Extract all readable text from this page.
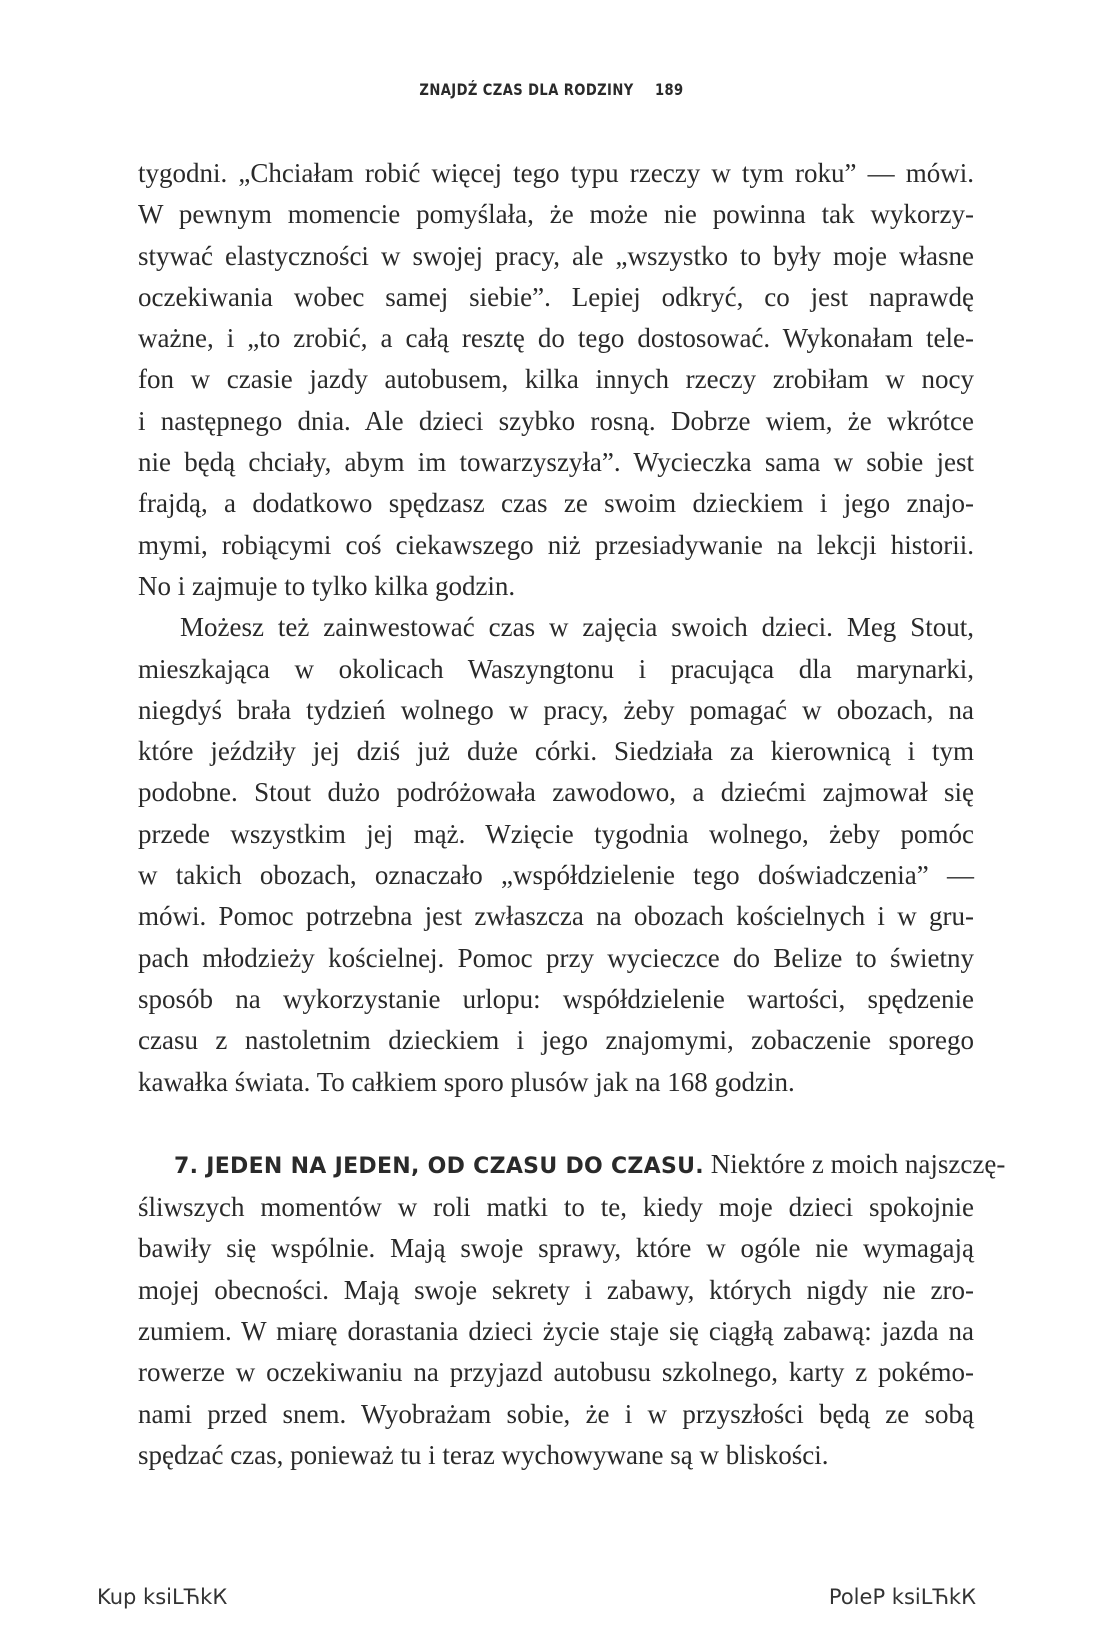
ZNAJDŹ CZAS DLA RODZINY 189
tygodni. „Chciałam robić więcej tego typu rzeczy w tym roku” — mówi.
W pewnym momencie pomyślała, że może nie powinna tak wykorzy-
stywać elastyczności w swojej pracy, ale „wszystko to były moje własne
oczekiwania wobec samej siebie”. Lepiej odkryć, co jest naprawdę
ważne, i „to zrobić, a całą resztę do tego dostosować. Wykonałam tele-
fon w czasie jazdy autobusem, kilka innych rzeczy zrobiłam w nocy
i następnego dnia. Ale dzieci szybko rosną. Dobrze wiem, że wkrótce
nie będą chciały, abym im towarzyszyła”. Wycieczka sama w sobie jest
frajdą, a dodatkowo spędzasz czas ze swoim dzieckiem i jego znajo-
mymi, robiącymi coś ciekawszego niż przesiadywanie na lekcji historii.
No i zajmuje to tylko kilka godzin.
Możesz też zainwestować czas w zajęcia swoich dzieci. Meg Stout,
mieszkająca w okolicach Waszyngtonu i pracująca dla marynarki,
niegdyś brała tydzień wolnego w pracy, żeby pomagać w obozach, na
które jeździły jej dziś już duże córki. Siedziała za kierownicą i tym
podobne. Stout dużo podróżowała zawodowo, a dziećmi zajmował się
przede wszystkim jej mąż. Wzięcie tygodnia wolnego, żeby pomóc
w takich obozach, oznaczało „współdzielenie tego doświadczenia” —
mówi. Pomoc potrzebna jest zwłaszcza na obozach kościelnych i w gru-
pach młodzieży kościelnej. Pomoc przy wycieczce do Belize to świetny
sposób na wykorzystanie urlopu: współdzielenie wartości, spędzenie
czasu z nastoletnim dzieckiem i jego znajomymi, zobaczenie sporego
kawałka świata. To całkiem sporo plusów jak na 168 godzin.
7. JEDEN NA JEDEN, OD CZASU DO CZASU. Niektóre z moich najszczę-
śliwszych momentów w roli matki to te, kiedy moje dzieci spokojnie
bawiły się wspólnie. Mają swoje sprawy, które w ogóle nie wymagają
mojej obecności. Mają swoje sekrety i zabawy, których nigdy nie zro-
zumiem. W miarę dorastania dzieci życie staje się ciągłą zabawą: jazda na
rowerze w oczekiwaniu na przyjazd autobusu szkolnego, karty z pokémo-
nami przed snem. Wyobrażam sobie, że i w przyszłości będą ze sobą
spędzać czas, ponieważ tu i teraz wychowywane są w bliskości.
Kup ksiLЋkК	PoleР ksiLЋkК
